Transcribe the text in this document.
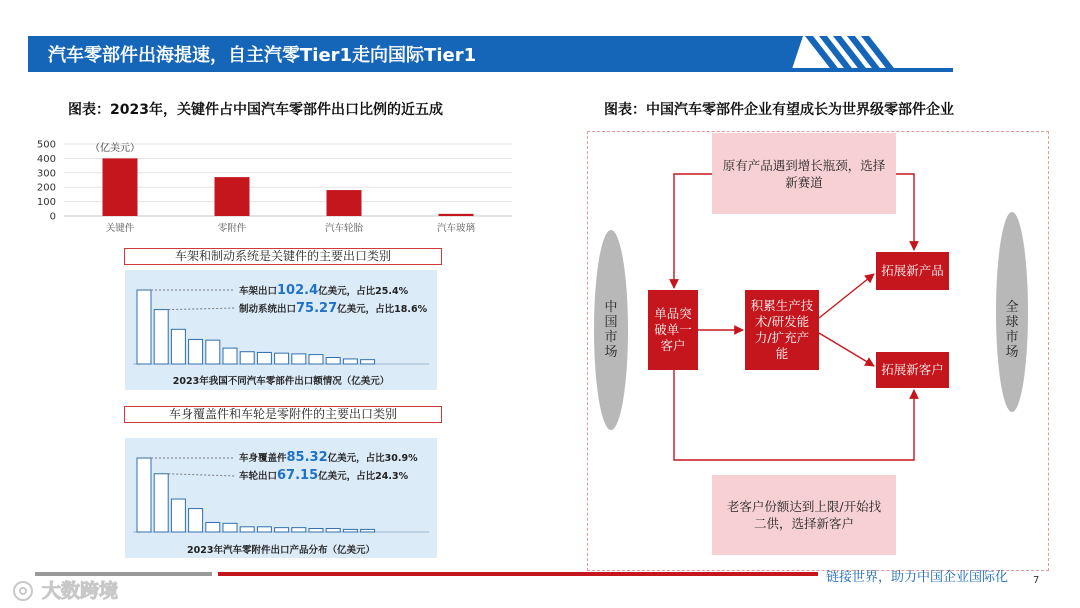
汽车零部件出海提速，自主汽零Tier1走向国际Tier1
图表：2023年，关键件占中国汽车零部件出口比例的近五成
0
100
200
300
400
500	（亿美元）
关键件	零附件	汽车轮胎	汽车玻璃
车架和制动系统是关键件的主要出口类别
车架出口102.4亿美元，占比25.4%
制动系统出口75.27亿美元，占比18.6%
2023年我国不同汽车零部件出口额情况（亿美元）
车身覆盖件和车轮是零附件的主要出口类别
车身覆盖件85.32亿美元，占比30.9%
车轮出口67.15亿美元，占比24.3%
2023年汽车零附件出口产品分布（亿美元）
图表：中国汽车零部件企业有望成长为世界级零部件企业
中国市场
全球市场
原有产品遇到增长瓶颈，选择新赛道
老客户份额达到上限/开始找二供，选择新客户
单品突破单一客户
积累生产技术/研发能力/扩充产能
拓展新产品
拓展新客户
链接世界，助力中国企业国际化 7
大数跨境
